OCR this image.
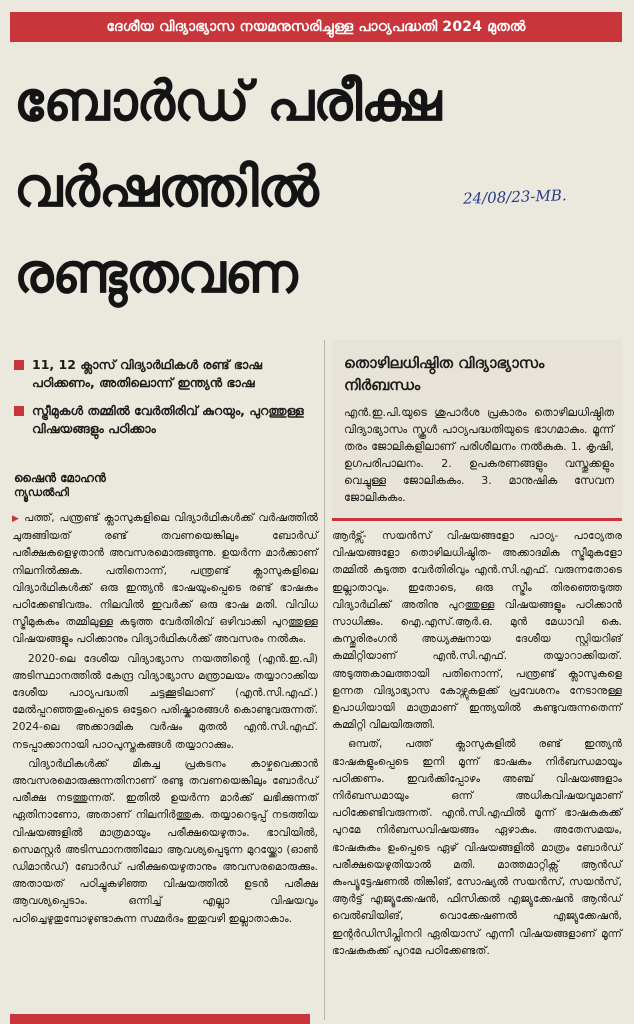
ദേശീയ വിദ്യാഭ്യാസ നയമനുസരിച്ചുള്ള പാഠ്യപദ്ധതി 2024 മുതൽ
ബോർഡ് പരീക്ഷ
വർഷത്തിൽ
രണ്ടുതവണ
24/08/23-MB.
11, 12 ക്ലാസ് വിദ്യാർഥികൾ രണ്ട് ഭാഷ പഠിക്കണം, അതിലൊന്ന് ഇന്ത്യൻ ഭാഷ
സ്ട്രീമുകൾ തമ്മിൽ വേർതിരിവ് കുറയും, പുറത്തുള്ള വിഷയങ്ങളും പഠിക്കാം
ഷൈൻ മോഹൻ
ന്യൂഡൽഹി

▶ പത്ത്, പന്ത്രണ്ട് ക്ലാസുകളിലെ വിദ്യാർഥികൾക്ക് വർഷത്തിൽ ചുരുങ്ങിയത് രണ്ട് തവണയെങ്കിലും ബോർഡ് പരീക്ഷകളെഴുതാൻ അവസരമൊരുങ്ങുന്നു. ഉയർന്ന മാർക്കാണ് നിലനിൽക്കുക. പതിനൊന്ന്, പന്ത്രണ്ട് ക്ലാസുകളിലെ വിദ്യാർഥികൾക്ക് ഒരു ഇന്ത്യൻ ഭാഷയുംപ്പെടെ രണ്ട് ഭാഷകം പഠിക്കേണ്ടിവരും. നിലവിൽ ഇവർക്ക് ഒരു ഭാഷ മതി. വിവിധ സ്ട്രീമുകകം തമ്മിലുള്ള കടുത്ത വേർതിരിവ് ഒഴിവാക്കി പുറത്തുള്ള വിഷയങ്ങളും പഠിക്കാനും വിദ്യാർഥികൾക്ക് അവസരം നൽകും.

2020-ലെ ദേശീയ വിദ്യാഭ്യാസ നയത്തിന്റെ (എൻ.ഇ.പി) അടിസ്ഥാനത്തിൽ കേന്ദ്ര വിദ്യാഭ്യാസ മന്ത്രാലയം തയ്യാറാക്കിയ ദേശീയ പാഠ്യപദ്ധതി ചട്ടക്കൂടിലാണ് (എൻ.സി.എഫ്.) മേൽപ്പറഞ്ഞതുംപ്പെടെ ഒട്ടേറെ പരിഷ്കാരങ്ങൾ കൊണ്ടുവരുന്നത്. 2024-ലെ അക്കാദമിക വർഷം മുതൽ എൻ.സി.എഫ്. നടപ്പാക്കാനായി പാഠപുസ്തകങ്ങൾ തയ്യാറാക്കും.

വിദ്യാർഥികൾക്ക് മികച്ച പ്രകടനം കാഴ്ചവെക്കാൻ അവസരമൊരുക്കുന്നതിനാണ് രണ്ടു തവണയെങ്കിലും ബോർഡ് പരീക്ഷ നടത്തുന്നത്. ഇതിൽ ഉയർന്ന മാർക്ക് ലഭിക്കുന്നത് ഏതിനാണോ, അതാണ് നിലനിർത്തുക. തയ്യാറെടുപ്പ് നടത്തിയ വിഷയങ്ങളിൽ മാത്രമായും പരീക്ഷയെഴുതാം. ഭാവിയിൽ, സെമസ്റ്റർ അടിസ്ഥാനത്തിലോ ആവശ്യപ്പെടുന്ന മുറയ്ക്കോ (ഓൺ ഡിമാൻഡ്) ബോർഡ് പരീക്ഷയെഴുതാനും അവസരമൊരുക്കും. അതായത് പഠിച്ചുകഴിഞ്ഞ വിഷയത്തിൽ ഉടൻ പരീക്ഷ ആവശ്യപ്പെടാം. ഒന്നിച്ച് എല്ലാ വിഷയവും പഠിച്ചെഴുതുമ്പോഴുണ്ടാകുന്ന സമ്മർദം ഇതുവഴി ഇല്ലാതാകാം.

തൊഴിലധിഷ്ഠിത വിദ്യാഭ്യാസം നിർബന്ധം
എൻ.ഇ.പി.യുടെ ശുപാർശ പ്രകാരം തൊഴിലധിഷ്ഠിത വിദ്യാഭ്യാസം സ്കൂൾ പാഠ്യപദ്ധതിയുടെ ഭാഗമാകും. മൂന്ന് തരം ജോലികളിലാണ് പരിശീലനം നൽകുക. 1. കൃഷി, ഉഗപരിപാലനം. 2. ഉപകരണങ്ങളും വസ്തുക്കളും വെച്ചുള്ള ജോലികകം. 3. മാനുഷിക സേവന ജോലികകം.

ആർട്സ്- സയൻസ് വിഷയങ്ങളോ പാഠ്യ- പാഠ്യേതര വിഷയങ്ങളോ തൊഴിലധിഷ്ഠിത- അക്കാദമിക സ്ട്രീമുകളോ തമ്മിൽ കടുത്ത വേർതിരിവും എൻ.സി.എഫ്. വരുന്നതോടെ ഇല്ലാതാവും. ഇതോടെ, ഒരു സ്ട്രീം തിരഞ്ഞെടുത്ത വിദ്യാർഥിക്ക് അതിനു പുറത്തുള്ള വിഷയങ്ങളും പഠിക്കാൻ സാധിക്കും. ഐ.എസ്.ആർ.ഒ. മുൻ മേധാവി കെ. കസ്തൂരിരംഗൻ അധ്യക്ഷനായ ദേശീയ സ്റ്റിയറിങ് കമ്മിറ്റിയാണ് എൻ.സി.എഫ്. തയ്യാറാക്കിയത്. അടുത്തകാലത്തായി പതിനൊന്ന്, പന്ത്രണ്ട് ക്ലാസുകളെ ഉന്നത വിദ്യാഭ്യാസ കോഴ്സുകളക്ക് പ്രവേശനം നേടാനുള്ള ഉപാധിയായി മാത്രമാണ് ഇന്ത്യയിൽ കണ്ടുവരുന്നതെന്ന് കമ്മിറ്റി വിലയിരുത്തി.

ഒമ്പത്, പത്ത് ക്ലാസുകളിൽ രണ്ട് ഇന്ത്യൻ ഭാഷകളുംപ്പെടെ ഇനി മൂന്ന് ഭാഷകം നിർബന്ധമായും പഠിക്കണം. ഇവർക്കിപ്പോഴം അഞ്ച് വിഷയങ്ങളാം നിർബന്ധമായും ഒന്ന് അധികവിഷയവുമാണ് പഠിക്കേണ്ടിവരുന്നത്. എൻ.സി.എഫിൽ മൂന്ന് ഭാഷകകക്ക് പുറമേ നിർബന്ധവിഷയങ്ങം ഏഴാകും. അതേസമയം, ഭാഷകകം ഉംപ്പെടെ ഏഴ് വിഷയങ്ങളിൽ മാത്രം ബോർഡ് പരീക്ഷയെഴുതിയാൽ മതി. മാത്തമാറ്റിക്സ് ആൻഡ് കംപ്യൂട്ടേഷണൽ തിങ്കിങ്, സോഷ്യൽ സയൻസ്, സയൻസ്, ആർട്ട് എജ്യൂക്കേഷൻ, ഫിസിക്കൽ എജ്യുക്കേഷൻ ആൻഡ് വെൽബിയിങ്, വൊക്കേഷണൽ എജ്യുക്കേഷൻ, ഇന്റർഡിസിപ്ലിനറി ഏരിയാസ് എന്നീ വിഷയങ്ങളാണ് മൂന്ന് ഭാഷകകക്ക് പുറമേ പഠിക്കേണ്ടത്.
